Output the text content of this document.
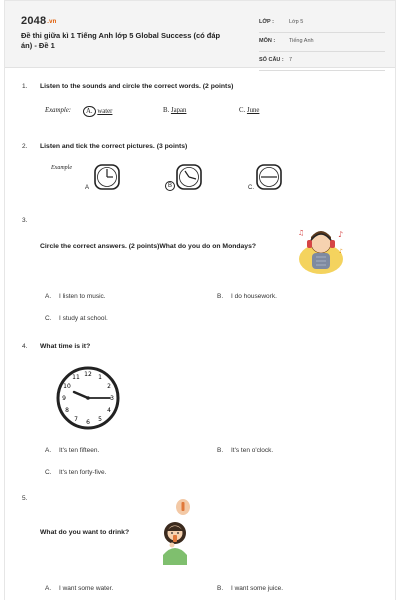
2048.vn
Đề thi giữa kì 1 Tiếng Anh lớp 5 Global Success (có đáp án) - Đề 1
LỚP :	Lớp 5
MÔN :	Tiếng Anh
SỐ CÂU : 7
1. Listen to the sounds and circle the correct words. (2 points)
Example:	A. water	B. Japan	C. June
2. Listen and tick the correct pictures. (3 points)
Example
A	B	C.
3.
Circle the correct answers. (2 points)What do you do on Mondays?
♪
♫
♪
A. I listen to music.	B. I do housework.
C. I study at school.
4. What time is it?
12
11	1
10	2
9	3
8	4
7	5
6
A. It's ten fifteen.	B. It's ten o'clock.
C. It's ten forty-five.
5.
What do you want to drink?
A. I want some water.	B. I want some juice.
